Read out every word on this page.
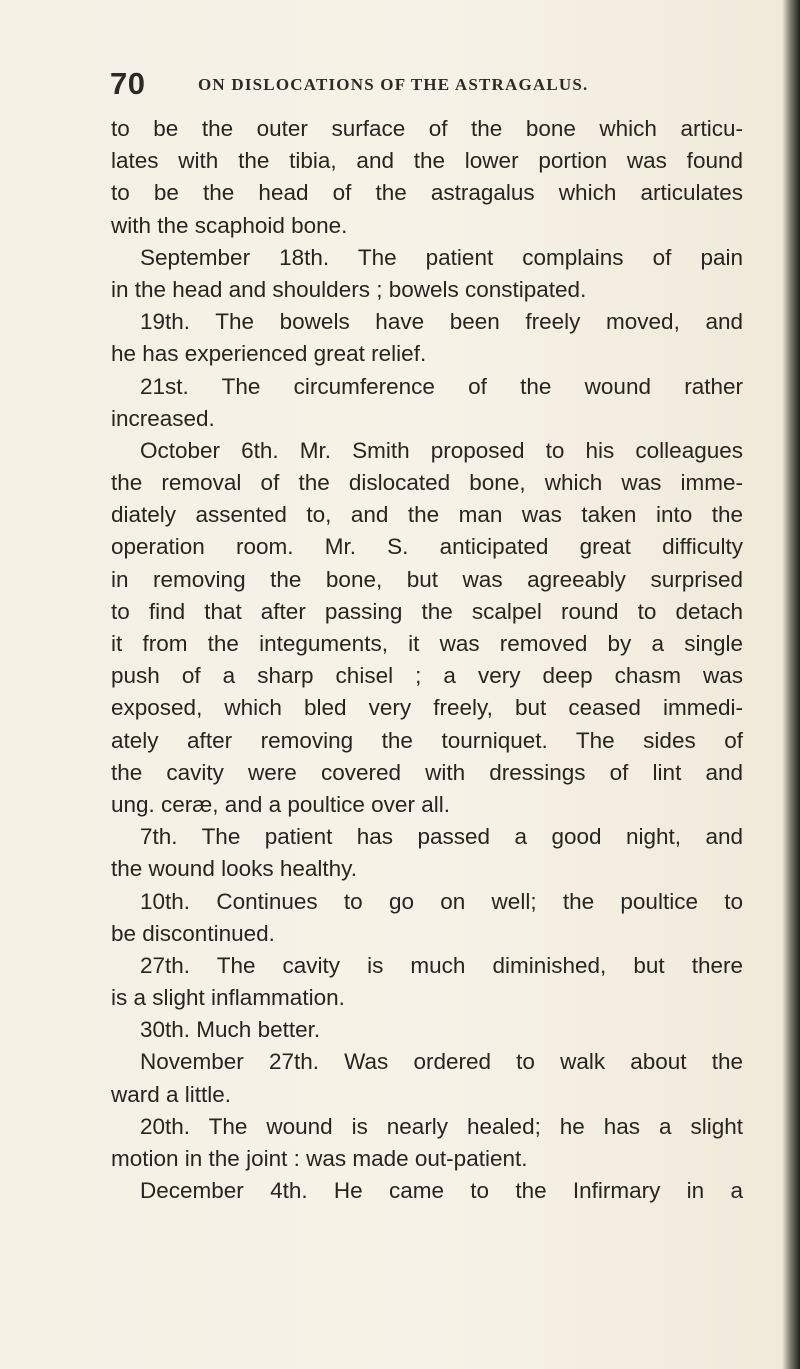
70	ON DISLOCATIONS OF THE ASTRAGALUS.
to be the outer surface of the bone which articu-
lates with the tibia, and the lower portion was found
to be the head of the astragalus which articulates
with the scaphoid bone.
September 18th. The patient complains of pain
in the head and shoulders ; bowels constipated.
19th. The bowels have been freely moved, and
he has experienced great relief.
21st. The circumference of the wound rather
increased.
October 6th. Mr. Smith proposed to his colleagues
the removal of the dislocated bone, which was imme-
diately assented to, and the man was taken into the
operation room. Mr. S. anticipated great difficulty
in removing the bone, but was agreeably surprised
to find that after passing the scalpel round to detach
it from the integuments, it was removed by a single
push of a sharp chisel ; a very deep chasm was
exposed, which bled very freely, but ceased immedi-
ately after removing the tourniquet. The sides of
the cavity were covered with dressings of lint and
ung. ceræ, and a poultice over all.
7th. The patient has passed a good night, and
the wound looks healthy.
10th. Continues to go on well; the poultice to
be discontinued.
27th. The cavity is much diminished, but there
is a slight inflammation.
30th. Much better.
November 27th. Was ordered to walk about the
ward a little.
20th. The wound is nearly healed; he has a slight
motion in the joint : was made out-patient.
December 4th. He came to the Infirmary in a
